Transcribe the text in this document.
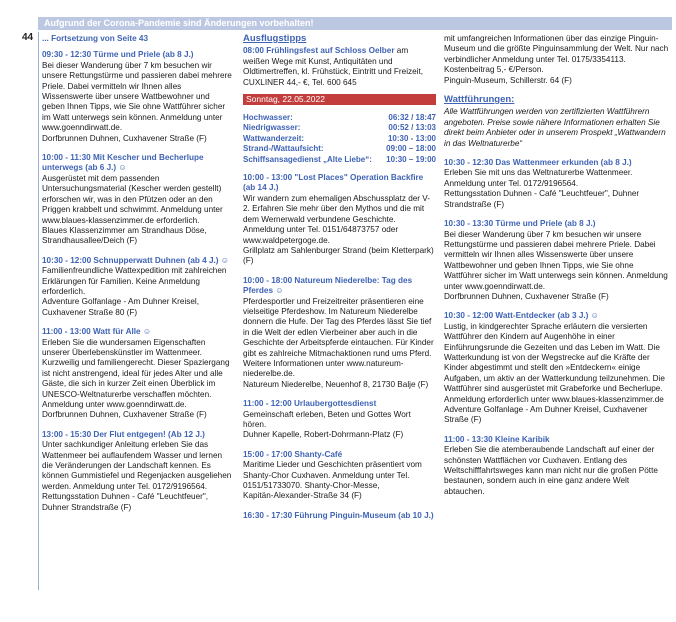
Aufgrund der Corona-Pandemie sind Änderungen vorbehalten!
44 ... Fortsetzung von Seite 43
09:30 - 12:30 Türme und Priele (ab 8 J.)
Bei dieser Wanderung über 7 km besuchen wir unsere Rettungstürme und passieren dabei mehrere Priele. Dabei vermitteln wir Ihnen alles Wissenswerte über unsere Wattbewohner und geben Ihnen Tipps, wie Sie ohne Wattführer sicher im Watt unterwegs sein können. Anmeldung unter www.goenndirwatt.de.
Dorfbrunnen Duhnen, Cuxhavener Straße (F)
10:00 - 11:30 Mit Kescher und Becherlupe unterwegs (ab 6 J.) ☺
Ausgerüstet mit dem passenden Untersuchungsmaterial (Kescher werden gestellt) erforschen wir, was in den Pfützen oder an den Priggen krabbelt und schwimmt. Anmeldung unter www.blaues-klassenzimmer.de erforderlich.
Blaues Klassenzimmer am Strandhaus Döse, Strandhausallee/Deich (F)
10:30 - 12:00 Schnupperwatt Duhnen (ab 4 J.) ☺
Familienfreundliche Wattexpedition mit zahlreichen Erklärungen für Familien. Keine Anmeldung erforderlich.
Adventure Golfanlage - Am Duhner Kreisel, Cuxhavener Straße 80 (F)
11:00 - 13:00 Watt für Alle ☺
Erleben Sie die wundersamen Eigenschaften unserer Überlebenskünstler im Wattenmeer. Kurzweilig und familiengerecht. Dieser Spaziergang ist nicht anstrengend, ideal für jedes Alter und alle Gäste, die sich in kurzer Zeit einen Überblick im UNESCO-Weltnaturerbe verschaffen möchten. Anmeldung unter www.goenndirwatt.de.
Dorfbrunnen Duhnen, Cuxhavener Straße (F)
13:00 - 15:30 Der Flut entgegen! (Ab 12 J.)
Unter sachkundiger Anleitung erleben Sie das Wattenmeer bei auflaufendem Wasser und lernen die Veränderungen der Landschaft kennen. Es können Gummistiefel und Regenjacken ausgeliehen werden. Anmeldung unter Tel. 0172/9196564.
Rettungsstation Duhnen - Café "Leuchtfeuer", Duhner Strandstraße (F)
Ausflugstipps
08:00 Frühlingsfest auf Schloss Oelber am weißen Wege mit Kunst, Antiquitäten und Oldtimertreffen, kl. Frühstück, Eintritt und Freizeit, CUXLINER 44,- €, Tel. 600 645
Sonntag, 22.05.2022
Hochwasser:	06:32 / 18:47
Niedrigwasser:	00:52 / 13:03
Wattwanderzeit:	10:30 - 13:00
Strand-/Wattaufsicht:	09:00 – 18:00
Schiffsansagedienst „Alte Liebe“:	10:30 – 19:00
10:00 - 13:00 "Lost Places" Operation Backfire (ab 14 J.)
Wir wandern zum ehemaligen Abschussplatz der V-2. Erfahren Sie mehr über den Mythos und die mit dem Wernerwald verbundene Geschichte. Anmeldung unter Tel. 0151/64873757 oder www.waldpetergoge.de.
Grillplatz am Sahlenburger Strand (beim Kletterpark) (F)
10:00 - 18:00 Natureum Niederelbe: Tag des Pferdes ☺
Pferdesportler und Freizeitreiter präsentieren eine vielseitige Pferdeshow. Im Natureum Niederelbe donnern die Hufe. Der Tag des Pferdes lässt Sie tief in die Welt der edlen Vierbeiner aber auch in die Geschichte der Arbeitspferde eintauchen. Für Kinder gibt es zahlreiche Mitmachaktionen rund ums Pferd. Weitere Informationen unter www.natureum-niederelbe.de.
Natureum Niederelbe, Neuenhof 8, 21730 Balje (F)
11:00 - 12:00 Urlaubergottesdienst
Gemeinschaft erleben, Beten und Gottes Wort hören.
Duhner Kapelle, Robert-Dohrmann-Platz (F)
15:00 - 17:00 Shanty-Café
Maritime Lieder und Geschichten präsentiert vom Shanty-Chor Cuxhaven. Anmeldung unter Tel. 0151/51733070. Shanty-Chor-Messe,
Kapitän-Alexander-Straße 34 (F)
16:30 - 17:30 Führung Pinguin-Museum (ab 10 J.)
mit umfangreichen Informationen über das einzige Pinguin-Museum und die größte Pinguinsammlung der Welt. Nur nach verbindlicher Anmeldung unter Tel. 0175/3354113. Kostenbeitrag 5,- €/Person.
Pinguin-Museum, Schillerstr. 64 (F)
Wattführungen:
Alle Wattführungen werden von zertifizierten Wattführern angeboten. Preise sowie nähere Informationen erhalten Sie direkt beim Anbieter oder in unserem Prospekt „Wattwandern in das Weltnaturerbe“
10:30 - 12:30 Das Wattenmeer erkunden (ab 8 J.)
Erleben Sie mit uns das Weltnaturerbe Wattenmeer. Anmeldung unter Tel. 0172/9196564.
Rettungsstation Duhnen - Café "Leuchtfeuer", Duhner Strandstraße (F)
10:30 - 13:30 Türme und Priele (ab 8 J.)
Bei dieser Wanderung über 7 km besuchen wir unsere Rettungstürme und passieren dabei mehrere Priele. Dabei vermitteln wir Ihnen alles Wissenswerte über unsere Wattbewohner und geben Ihnen Tipps, wie Sie ohne Wattführer sicher im Watt unterwegs sein können. Anmeldung unter www.goenndirwatt.de.
Dorfbrunnen Duhnen, Cuxhavener Straße (F)
10:30 - 12:00 Watt-Entdecker (ab 3 J.) ☺
Lustig, in kindgerechter Sprache erläutern die versierten Wattführer den Kindern auf Augenhöhe in einer Einführungsrunde die Gezeiten und das Leben im Watt. Die Watterkundung ist von der Wegstrecke auf die Kräfte der Kinder abgestimmt und stellt den »Entdeckern« einige Aufgaben, um aktiv an der Watterkundung teilzunehmen. Die Wattführer sind ausgerüstet mit Grabeforke und Becherlupe. Anmeldung erforderlich unter www.blaues-klassenzimmer.de Adventure Golfanlage - Am Duhner Kreisel, Cuxhavener Straße (F)
11:00 - 13:30 Kleine Karibik
Erleben Sie die atemberaubende Landschaft auf einer der schönsten Wattflächen vor Cuxhaven. Entlang des Weltschifffahrtsweges kann man nicht nur die großen Pötte bestaunen, sondern auch in eine ganz andere Welt abtauchen.
